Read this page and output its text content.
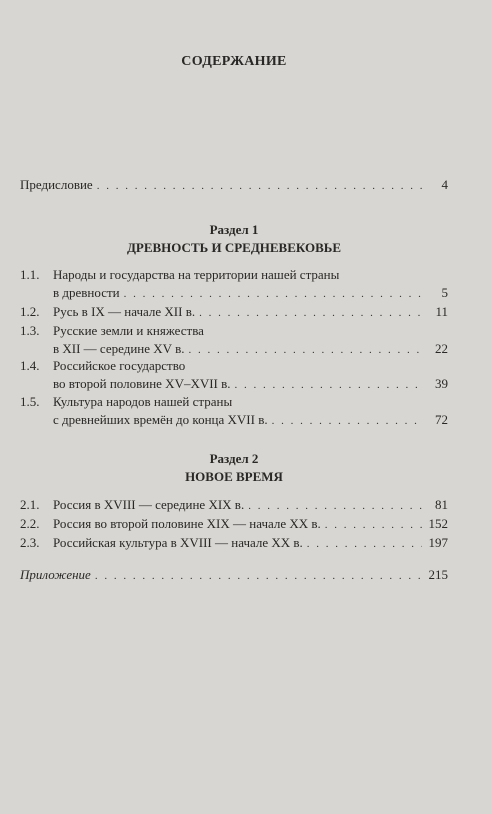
СОДЕРЖАНИЕ
Предисловие . . .	4
Раздел 1
ДРЕВНОСТЬ И СРЕДНЕВЕКОВЬЕ
1.1.	Народы и государства на территории нашей страны
в древности . . .	5
1.2.	Русь в IX — начале XII в. . . .	11
1.3.	Русские земли и княжества
в XII — середине XV в. . . .	22
1.4.	Российское государство
во второй половине XV–XVII в. . . .	39
1.5.	Культура народов нашей страны
с древнейших времён до конца XVII в. . . .	72
Раздел 2
НОВОЕ ВРЕМЯ
2.1.	Россия в XVIII — середине XIX в. . . .	81
2.2.	Россия во второй половине XIX — начале XX в. . . .	152
2.3.	Российская культура в XVIII — начале XX в. . . .	197
Приложение . . .	215
